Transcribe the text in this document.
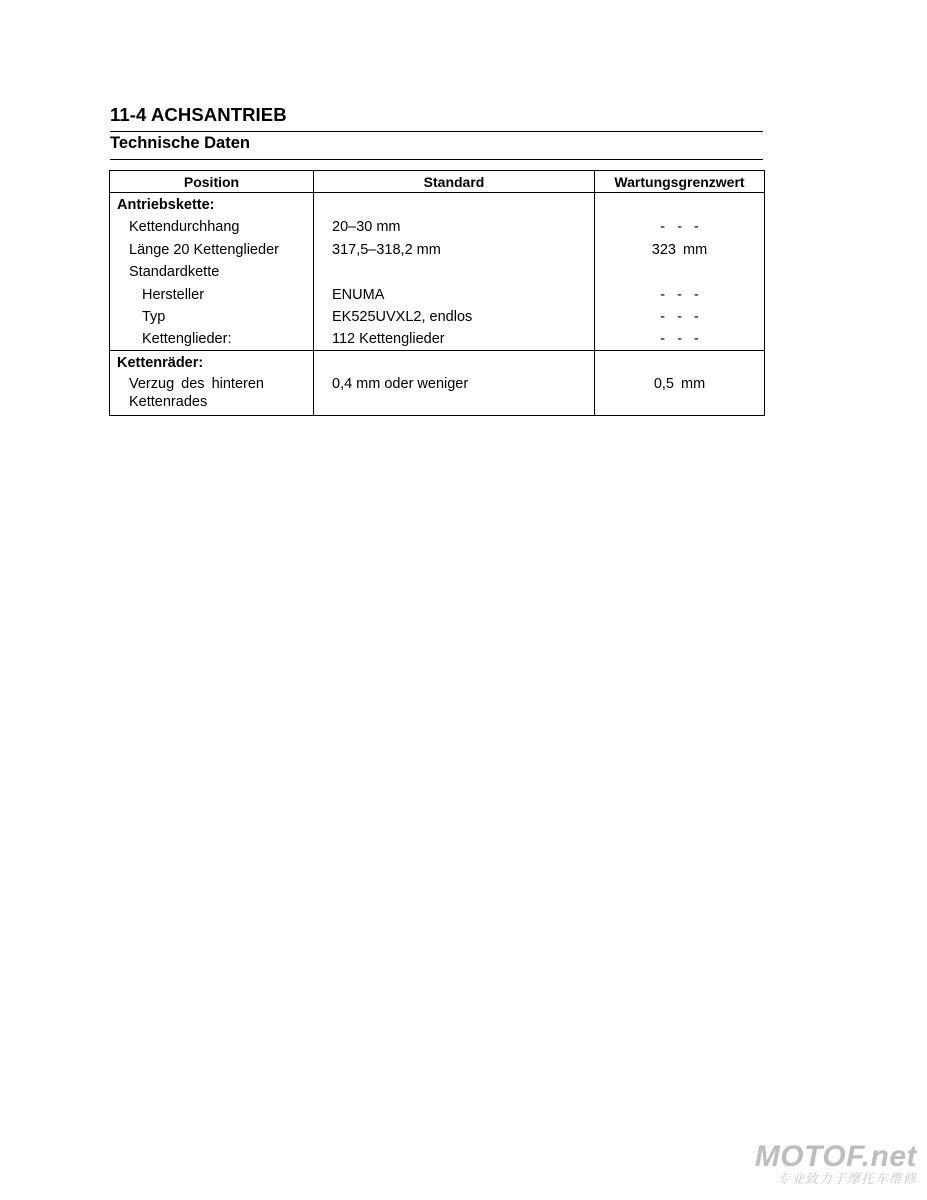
11-4 ACHSANTRIEB
Technische Daten
Position	Standard	Wartungsgrenzwert

Antriebskette:		

Kettendurchhang	20–30 mm	- - -

Länge 20 Kettenglieder	317,5–318,2 mm	323 mm

Standardkette		

Hersteller	ENUMA	- - -

Typ	EK525UVXL2, endlos	- - -

Kettenglieder:	112 Kettenglieder	- - -

Kettenräder:		

Verzug des hinteren
Kettenrades	0,4 mm oder weniger	0,5 mm
MOTOF.net
专业致力于摩托车维修
